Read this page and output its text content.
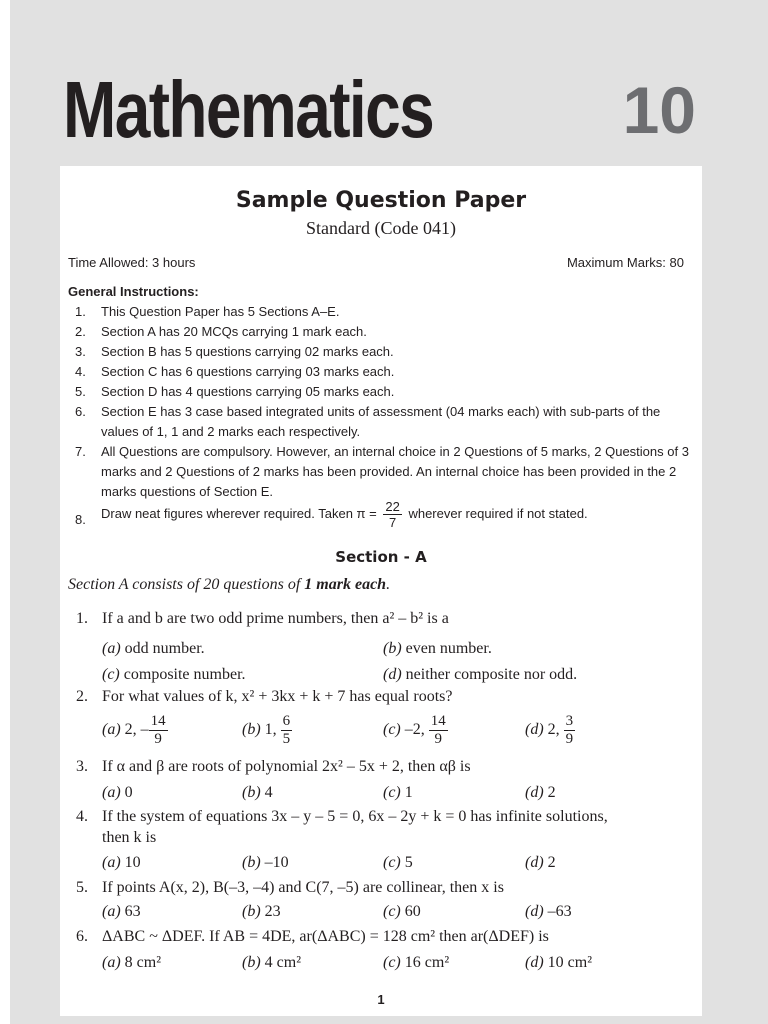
Mathematics	10
Sample Question Paper
Standard (Code 041)
Time Allowed: 3 hours	Maximum Marks: 80
General Instructions:
1.	This Question Paper has 5 Sections A–E.
2.	Section A has 20 MCQs carrying 1 mark each.
3.	Section B has 5 questions carrying 02 marks each.
4.	Section C has 6 questions carrying 03 marks each.
5.	Section D has 4 questions carrying 05 marks each.
6.	Section E has 3 case based integrated units of assessment (04 marks each) with sub-parts of the values of 1, 1 and 2 marks each respectively.
7.	All Questions are compulsory. However, an internal choice in 2 Questions of 5 marks, 2 Questions of 3 marks and 2 Questions of 2 marks has been provided. An internal choice has been provided in the 2 marks questions of Section E.
8.	Draw neat figures wherever required. Taken $\pi = \frac{22}{7}$ wherever required if not stated.
Section - A
Section A consists of 20 questions of 1 mark each.
1. If a and b are two odd prime numbers, then a² – b² is a
(a) odd number.	(b) even number.
(c) composite number.	(d) neither composite nor odd.
2. For what values of k, x² + 3kx + k + 7 has equal roots?
(a) 2, – $\frac{14}{9}$	(b) 1, $\frac{6}{5}$	(c) –2, $\frac{14}{9}$	(d) 2, $\frac{3}{9}$
3. If α and β are roots of polynomial 2x² – 5x + 2, then αβ is
(a) 0	(b) 4	(c) 1	(d) 2
4. If the system of equations 3x – y – 5 = 0, 6x – 2y + k = 0 has infinite solutions,
then k is
(a) 10	(b) –10	(c) 5	(d) 2
5. If points A(x, 2), B(–3, –4) and C(7, –5) are collinear, then x is
(a) 63	(b) 23	(c) 60	(d) –63
6. ΔABC ~ ΔDEF. If AB = 4DE, ar(ΔABC) = 128 cm² then ar(ΔDEF) is
(a) 8 cm²	(b) 4 cm²	(c) 16 cm²	(d) 10 cm²
1
